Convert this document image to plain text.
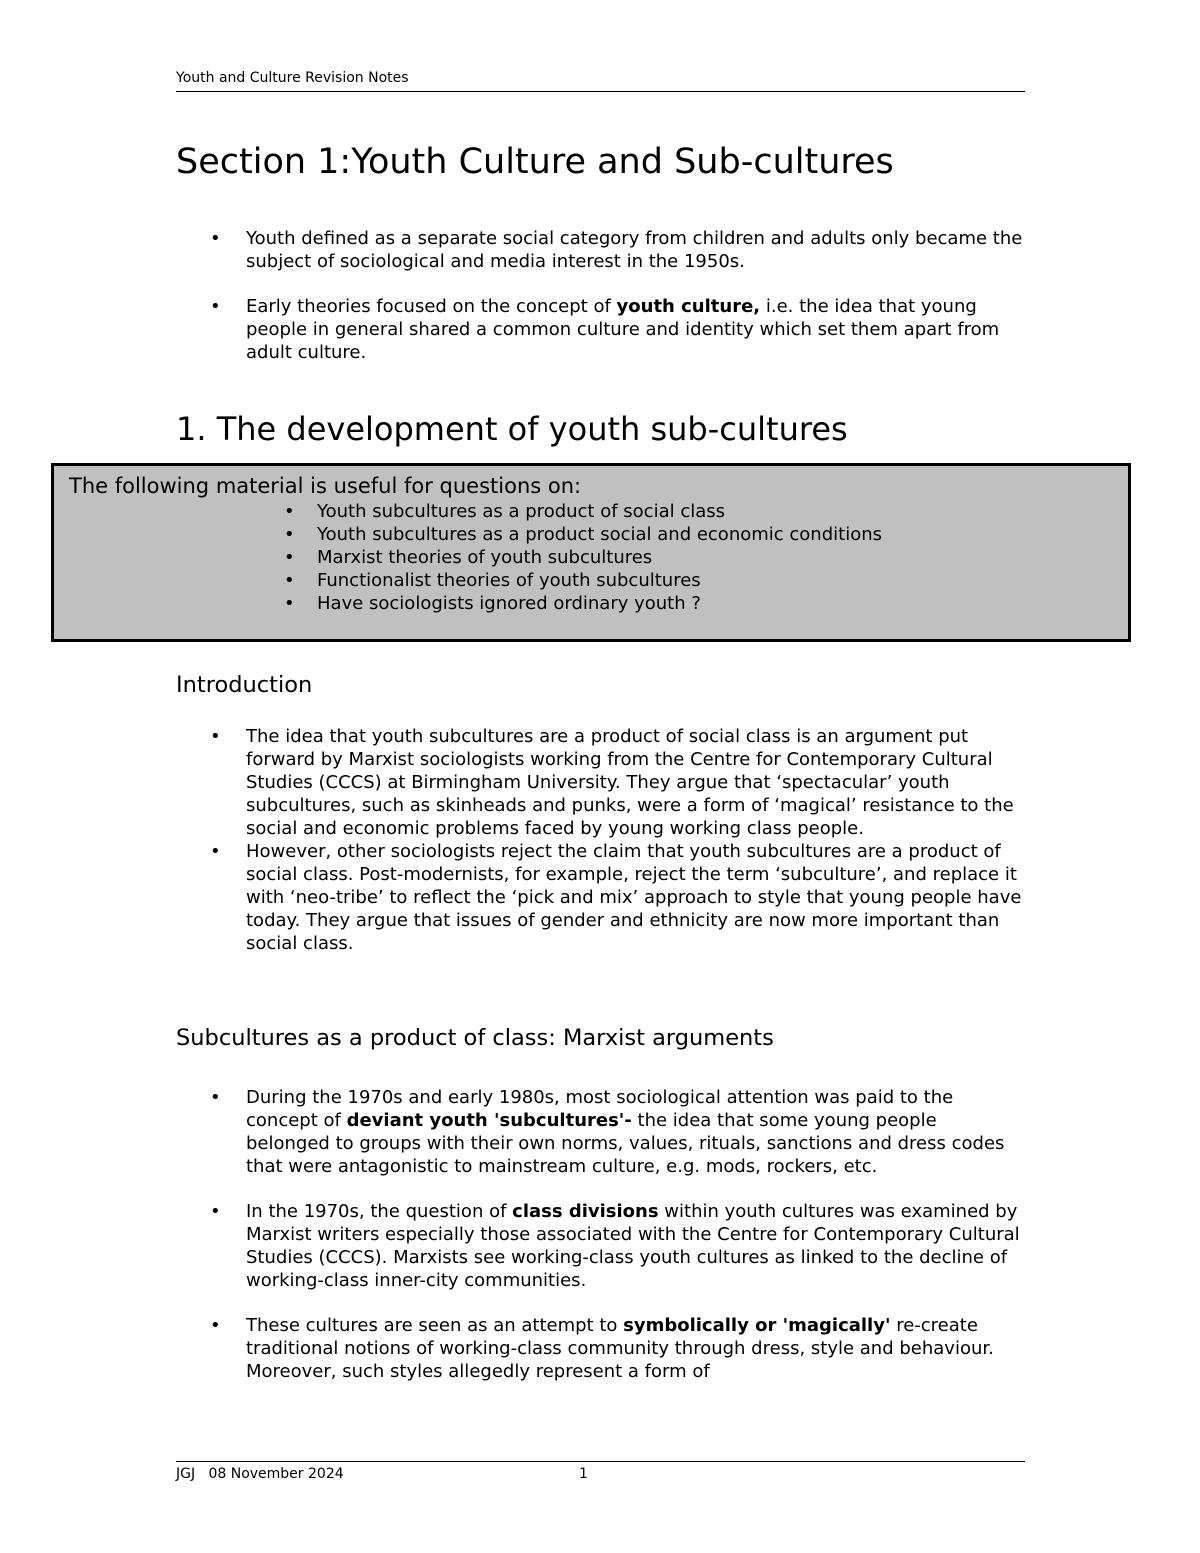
Youth and Culture Revision Notes
Section 1:Youth Culture and Sub-cultures
• Youth defined as a separate social category from children and adults only became the subject of sociological and media interest in the 1950s.
• Early theories focused on the concept of youth culture, i.e. the idea that young people in general shared a common culture and identity which set them apart from adult culture.
1. The development of youth sub-cultures
The following material is useful for questions on:
• Youth subcultures as a product of social class
• Youth subcultures as a product social and economic conditions
• Marxist theories of youth subcultures
• Functionalist theories of youth subcultures
• Have sociologists ignored ordinary youth ?
Introduction
• The idea that youth subcultures are a product of social class is an argument put forward by Marxist sociologists working from the Centre for Contemporary Cultural Studies (CCCS) at Birmingham University. They argue that ‘spectacular’ youth subcultures, such as skinheads and punks, were a form of ‘magical’ resistance to the social and economic problems faced by young working class people.
• However, other sociologists reject the claim that youth subcultures are a product of social class. Post-modernists, for example, reject the term ‘subculture’, and replace it with ‘neo-tribe’ to reflect the ‘pick and mix’ approach to style that young people have today. They argue that issues of gender and ethnicity are now more important than social class.
Subcultures as a product of class: Marxist arguments
• During the 1970s and early 1980s, most sociological attention was paid to the concept of deviant youth 'subcultures'- the idea that some young people belonged to groups with their own norms, values, rituals, sanctions and dress codes that were antagonistic to mainstream culture, e.g. mods, rockers, etc.
• In the 1970s, the question of class divisions within youth cultures was examined by Marxist writers especially those associated with the Centre for Contemporary Cultural Studies (CCCS). Marxists see working-class youth cultures as linked to the decline of working-class inner-city communities.
• These cultures are seen as an attempt to symbolically or 'magically' re-create traditional notions of working-class community through dress, style and behaviour. Moreover, such styles allegedly represent a form of
JGJ   08 November 2024	1
